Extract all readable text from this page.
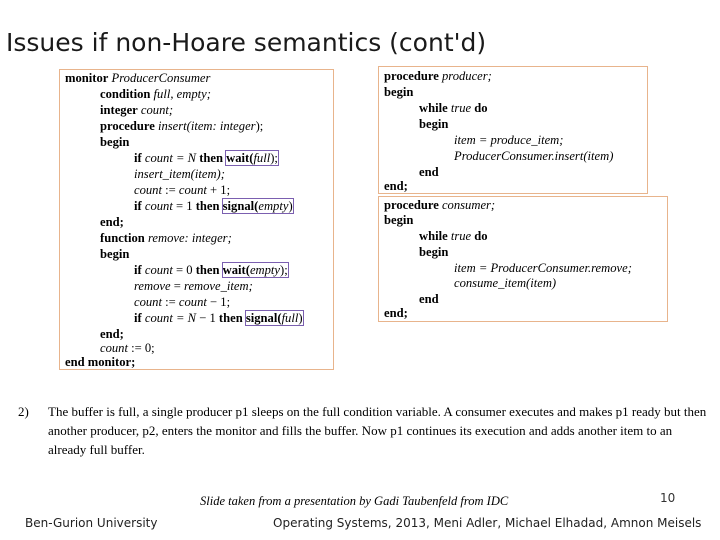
Issues if non-Hoare semantics (cont'd)
monitor ProducerConsumer
condition full, empty;
integer count;
procedure insert(item: integer);
begin
if count = N then wait(full);
insert_item(item);
count := count + 1;
if count = 1 then signal(empty)
end;
function remove: integer;
begin
if count = 0 then wait(empty);
remove = remove_item;
count := count − 1;
if count = N − 1 then signal(full)
end;
count := 0;
end monitor;
procedure producer;
begin
while true do
begin
item = produce_item;
ProducerConsumer.insert(item)
end
end;
procedure consumer;
begin
while true do
begin
item = ProducerConsumer.remove;
consume_item(item)
end
end;
2) The buffer is full, a single producer p1 sleeps on the full condition variable. A consumer executes and makes p1 ready but then another producer, p2, enters the monitor and fills the buffer. Now p1 continues its execution and adds another item to an already full buffer.
Slide taken from a presentation by Gadi Taubenfeld from IDC	10
Ben-Gurion University	Operating Systems, 2013, Meni Adler, Michael Elhadad, Amnon Meisels
